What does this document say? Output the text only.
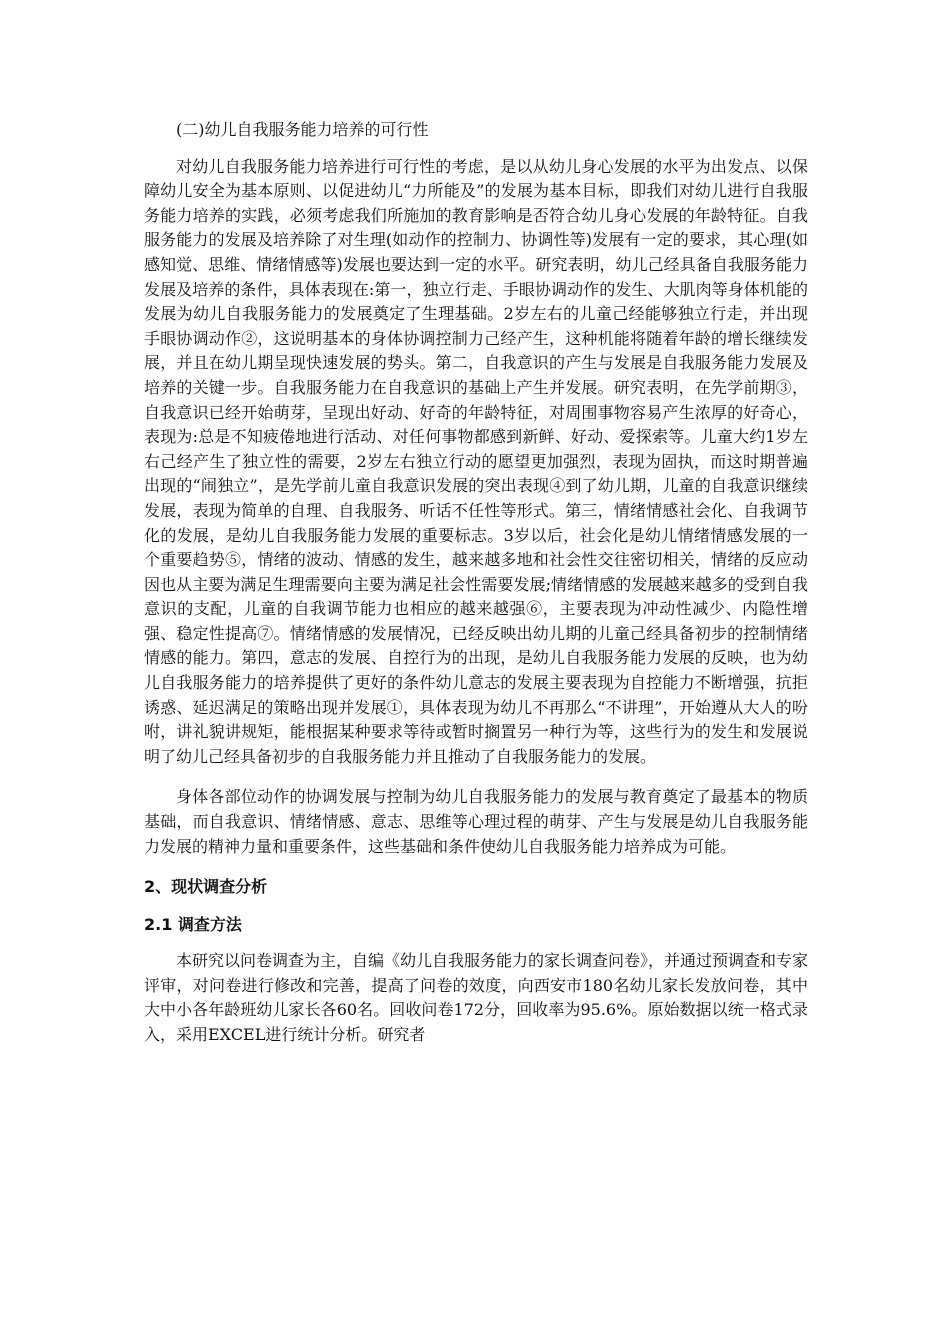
(二)幼儿自我服务能力培养的可行性

对幼儿自我服务能力培养进行可行性的考虑，是以从幼儿身心发展的水平为出发点、以保障幼儿安全为基本原则、以促进幼儿“力所能及”的发展为基本目标，即我们对幼儿进行自我服务能力培养的实践，必须考虑我们所施加的教育影响是否符合幼儿身心发展的年龄特征。自我服务能力的发展及培养除了对生理(如动作的控制力、协调性等)发展有一定的要求，其心理(如感知觉、思维、情绪情感等)发展也要达到一定的水平。研究表明，幼儿己经具备自我服务能力发展及培养的条件，具体表现在:第一，独立行走、手眼协调动作的发生、大肌肉等身体机能的发展为幼儿自我服务能力的发展奠定了生理基础。2岁左右的儿童己经能够独立行走，并出现手眼协调动作②，这说明基本的身体协调控制力己经产生，这种机能将随着年龄的增长继续发展，并且在幼儿期呈现快速发展的势头。第二，自我意识的产生与发展是自我服务能力发展及培养的关键一步。自我服务能力在自我意识的基础上产生并发展。研究表明，在先学前期③，自我意识已经开始萌芽，呈现出好动、好奇的年龄特征，对周围事物容易产生浓厚的好奇心，表现为:总是不知疲倦地进行活动、对任何事物都感到新鲜、好动、爱探索等。儿童大约1岁左右己经产生了独立性的需要，2岁左右独立行动的愿望更加强烈，表现为固执，而这时期普遍出现的“闹独立”，是先学前儿童自我意识发展的突出表现④到了幼儿期，儿童的自我意识继续发展，表现为简单的自理、自我服务、听话不任性等形式。第三，情绪情感社会化、自我调节化的发展，是幼儿自我服务能力发展的重要标志。3岁以后，社会化是幼儿情绪情感发展的一个重要趋势⑤，情绪的波动、情感的发生，越来越多地和社会性交往密切相关，情绪的反应动因也从主要为满足生理需要向主要为满足社会性需要发展;情绪情感的发展越来越多的受到自我意识的支配，儿童的自我调节能力也相应的越来越强⑥，主要表现为冲动性减少、内隐性增强、稳定性提高⑦。情绪情感的发展情况，已经反映出幼儿期的儿童己经具备初步的控制情绪情感的能力。第四，意志的发展、自控行为的出现，是幼儿自我服务能力发展的反映，也为幼儿自我服务能力的培养提供了更好的条件幼儿意志的发展主要表现为自控能力不断增强，抗拒诱惑、延迟满足的策略出现并发展①，具体表现为幼儿不再那么“不讲理”，开始遵从大人的吩咐，讲礼貌讲规矩，能根据某种要求等待或暂时搁置另一种行为等，这些行为的发生和发展说明了幼儿己经具备初步的自我服务能力并且推动了自我服务能力的发展。

身体各部位动作的协调发展与控制为幼儿自我服务能力的发展与教育奠定了最基本的物质基础，而自我意识、情绪情感、意志、思维等心理过程的萌芽、产生与发展是幼儿自我服务能力发展的精神力量和重要条件，这些基础和条件使幼儿自我服务能力培养成为可能。

2、现状调查分析
2.1 调查方法

本研究以问卷调查为主，自编《幼儿自我服务能力的家长调查问卷》，并通过预调查和专家评审，对问卷进行修改和完善，提高了问卷的效度，向西安市180名幼儿家长发放问卷，其中大中小各年龄班幼儿家长各60名。回收问卷172分，回收率为95.6%。原始数据以统一格式录入，采用EXCEL进行统计分析。研究者
